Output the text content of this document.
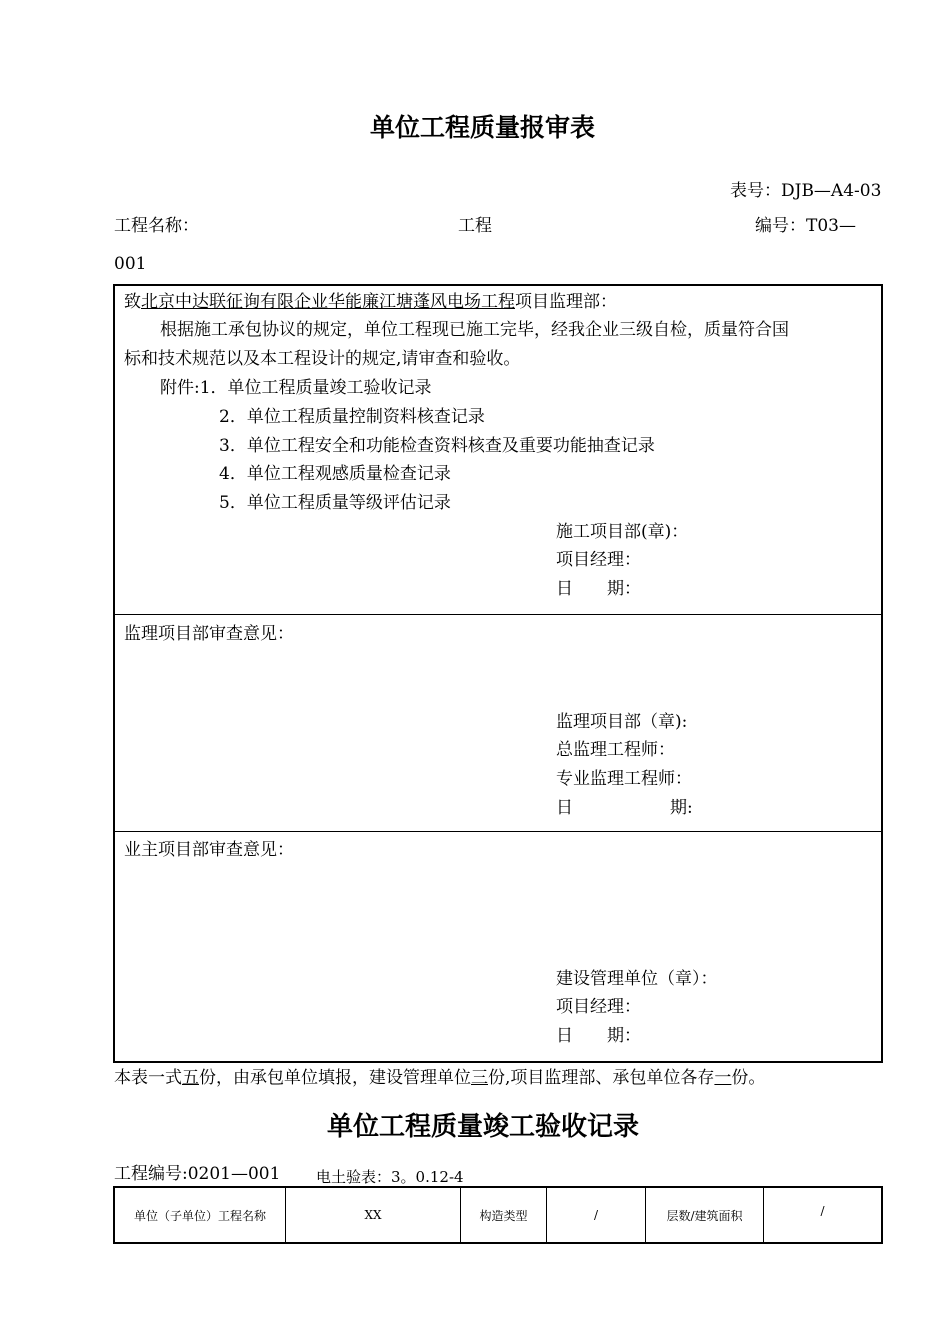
单位工程质量报审表
表号：DJB—A4-03
工程名称：	工程	编号：T03—
001
致北京中达联征询有限企业华能廉江塘蓬风电场工程项目监理部：
根据施工承包协议的规定，单位工程现已施工完毕，经我企业三级自检，质量符合国
标和技术规范以及本工程设计的规定,请审查和验收。
附件:1．单位工程质量竣工验收记录
2．单位工程质量控制资料核查记录
3．单位工程安全和功能检查资料核查及重要功能抽查记录
4．单位工程观感质量检查记录
5．单位工程质量等级评估记录
施工项目部(章)：
项目经理：
日　　期：
监理项目部审查意见：
监理项目部（章):
总监理工程师：
专业监理工程师：
日	期:
业主项目部审查意见：
建设管理单位（章）：
项目经理：
日　　期：
本表一式五份，由承包单位填报，建设管理单位三份,项目监理部、承包单位各存一份。
单位工程质量竣工验收记录
工程编号:0201—001 电土验表：3。0.12-4
单位（子单位）工程名称	XX	构造类型	/	层数/建筑面积	/
